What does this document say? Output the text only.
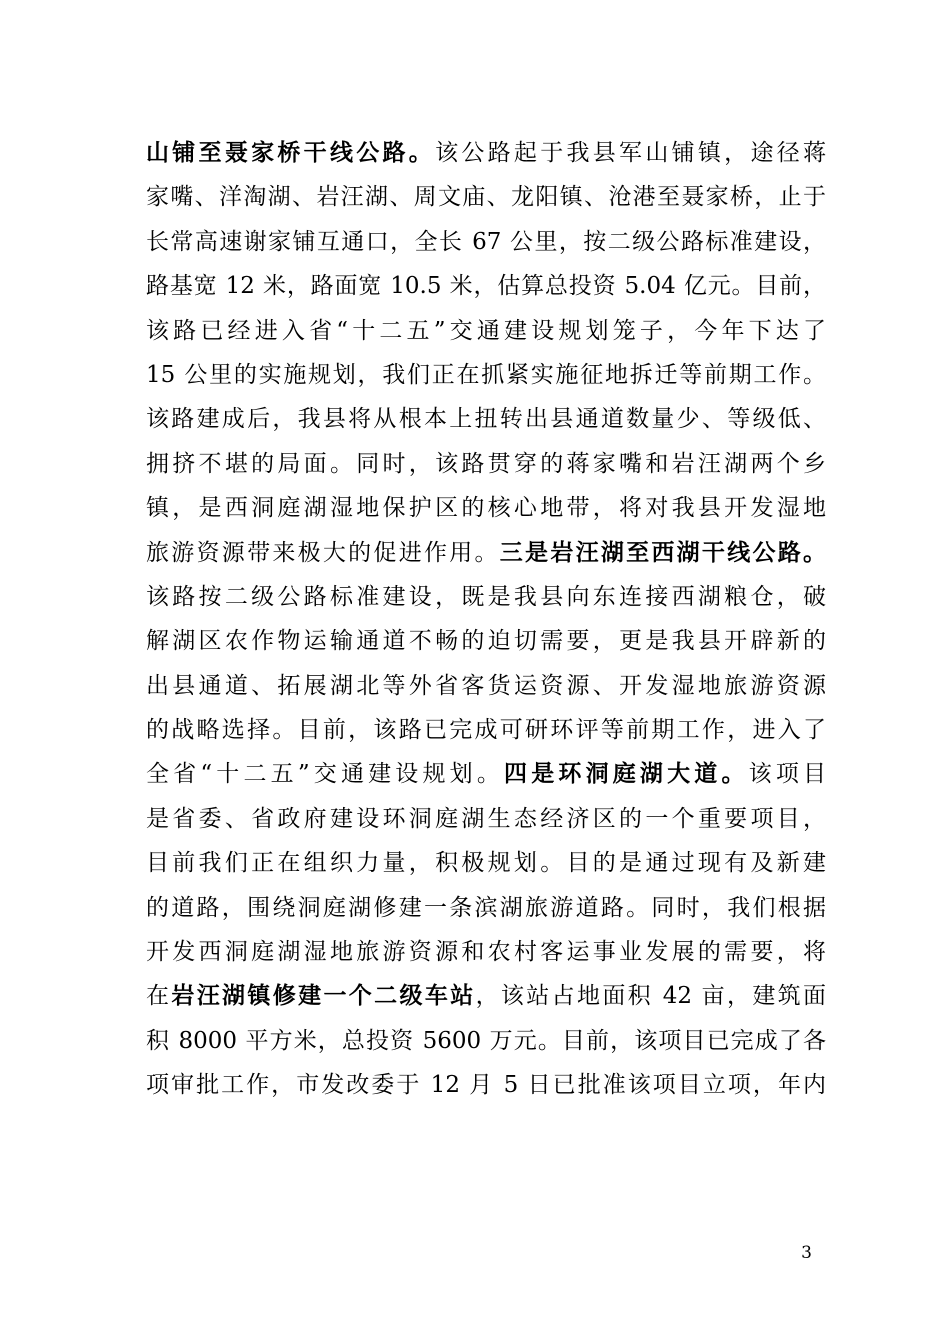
山铺至聂家桥干线公路。该公路起于我县军山铺镇，途径蒋
家嘴、洋淘湖、岩汪湖、周文庙、龙阳镇、沧港至聂家桥，止于
长常高速谢家铺互通口，全长 67 公里，按二级公路标准建设，
路基宽 12 米，路面宽 10.5 米，估算总投资 5.04 亿元。目前，
该路已经进入省“十二五”交通建设规划笼子，今年下达了
15 公里的实施规划，我们正在抓紧实施征地拆迁等前期工作。
该路建成后，我县将从根本上扭转出县通道数量少、等级低、
拥挤不堪的局面。同时，该路贯穿的蒋家嘴和岩汪湖两个乡
镇，是西洞庭湖湿地保护区的核心地带，将对我县开发湿地
旅游资源带来极大的促进作用。三是岩汪湖至西湖干线公路。
该路按二级公路标准建设，既是我县向东连接西湖粮仓，破
解湖区农作物运输通道不畅的迫切需要，更是我县开辟新的
出县通道、拓展湖北等外省客货运资源、开发湿地旅游资源
的战略选择。目前，该路已完成可研环评等前期工作，进入了
全省“十二五”交通建设规划。四是环洞庭湖大道。该项目
是省委、省政府建设环洞庭湖生态经济区的一个重要项目，
目前我们正在组织力量，积极规划。目的是通过现有及新建
的道路，围绕洞庭湖修建一条滨湖旅游道路。同时，我们根据
开发西洞庭湖湿地旅游资源和农村客运事业发展的需要，将
在岩汪湖镇修建一个二级车站，该站占地面积 42 亩，建筑面
积 8000 平方米，总投资 5600 万元。目前，该项目已完成了各
项审批工作，市发改委于 12 月 5 日已批准该项目立项，年内
3
